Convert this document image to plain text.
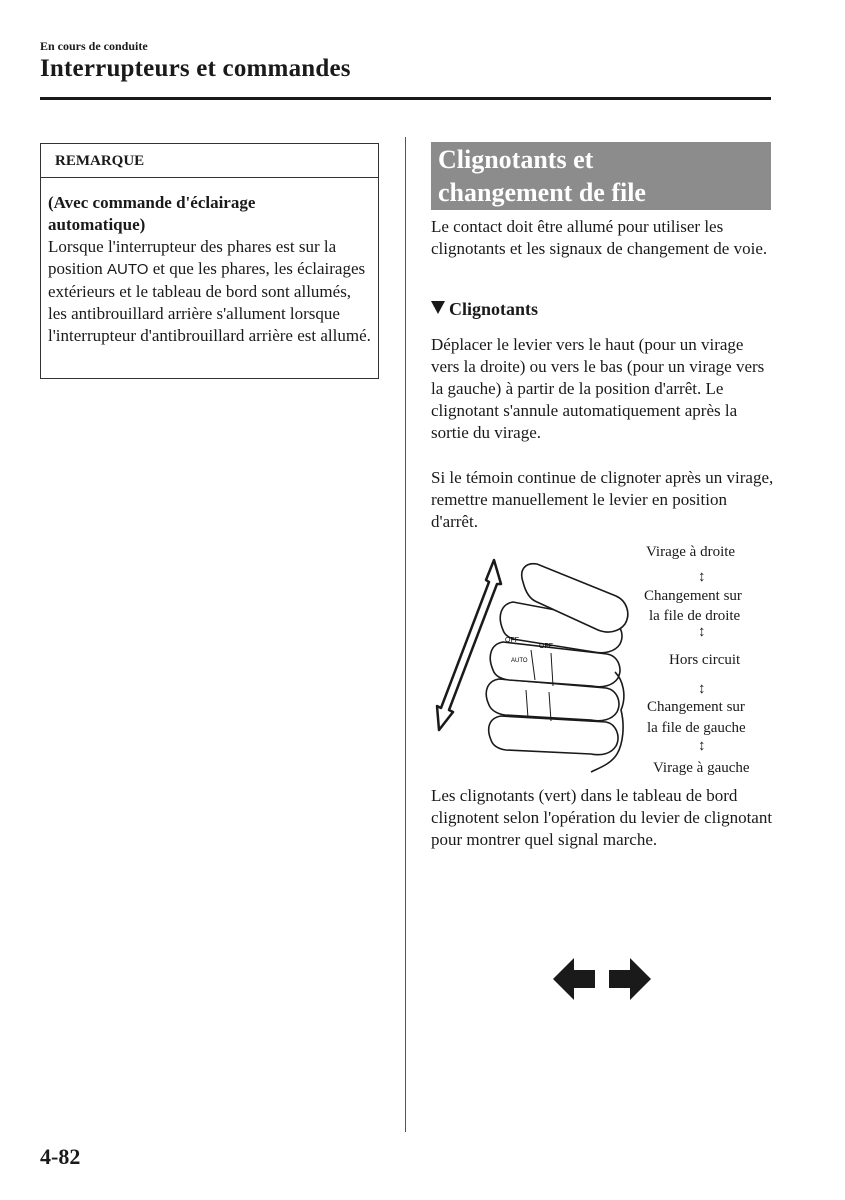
En cours de conduite
Interrupteurs et commandes
REMARQUE
(Avec commande d'éclairage
automatique)
Lorsque l'interrupteur des phares est sur la position AUTO et que les phares, les éclairages extérieurs et le tableau de bord sont allumés, les antibrouillard arrière s'allument lorsque l'interrupteur d'antibrouillard arrière est allumé.
Clignotants et
changement de file
Le contact doit être allumé pour utiliser les clignotants et les signaux de changement de voie.
Clignotants
Déplacer le levier vers le haut (pour un virage vers la droite) ou vers le bas (pour un virage vers la gauche) à partir de la position d'arrêt. Le clignotant s'annule automatiquement après la sortie du virage.
Si le témoin continue de clignoter après un virage, remettre manuellement le levier en position d'arrêt.
OFF
OFF
AUTO
Virage à droite
↕
Changement sur
la file de droite
↕
Hors circuit
↕
Changement sur
la file de gauche
↕
Virage à gauche
Les clignotants (vert) dans le tableau de bord clignotent selon l'opération du levier de clignotant pour montrer quel signal marche.
4-82
